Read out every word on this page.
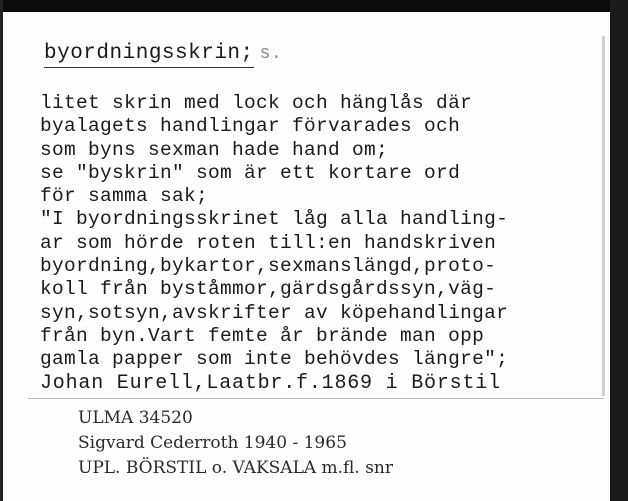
byordningsskrin; s.
litet skrin med lock och hänglås där
byalagets handlingar förvarades och
som byns sexman hade hand om;
se "byskrin" som är ett kortare ord
för samma sak;
"I byordningsskrinet låg alla handling-
ar som hörde roten till:en handskriven
byordning,bykartor,sexmanslängd,proto-
koll från byståmmor,gärdsgårdssyn,väg-
syn,sotsyn,avskrifter av köpehandlingar
från byn.Vart femte år brände man opp
gamla papper som inte behövdes längre";
Johan Eurell,Laatbr.f.1869 i Börstil
ULMA 34520
Sigvard Cederroth 1940 - 1965
UPL. BÖRSTIL o. VAKSALA m.fl. snr
